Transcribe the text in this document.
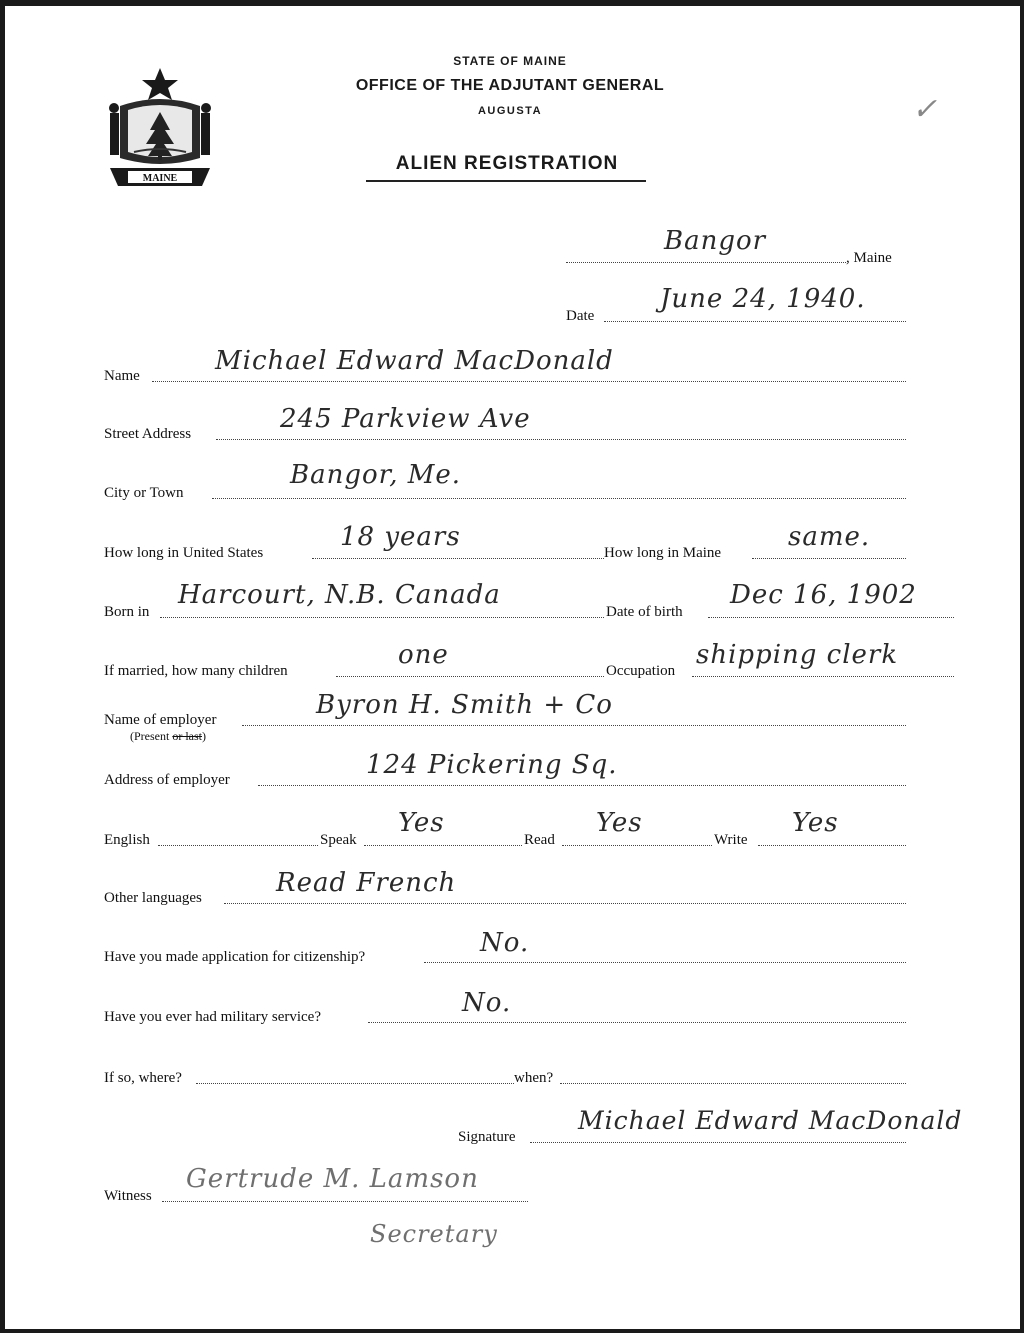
MAINE
STATE OF MAINE
OFFICE OF THE ADJUTANT GENERAL
AUGUSTA
ALIEN REGISTRATION
✓
Bangor
, Maine
Date
June 24, 1940.
Name	Michael Edward MacDonald
Street Address	245 Parkview Ave
City or Town
Bangor, Me.
How long in United States
18 years
How long in Maine
same.
Born in
Harcourt, N.B. Canada
Date of birth
Dec 16, 1902
If married, how many children
one
Occupation
shipping clerk
Name of employer
(Present or last)
Byron H. Smith + Co
Address of employer	124 Pickering Sq.
English	Speak
Yes
Read
Yes
Write
Yes
Other languages	Read French
Have you made application for citizenship?	No.
Have you ever had military service?	No.
If so, where?	when?
Signature
Michael Edward MacDonald
Witness
Gertrude M. Lamson
Secretary
